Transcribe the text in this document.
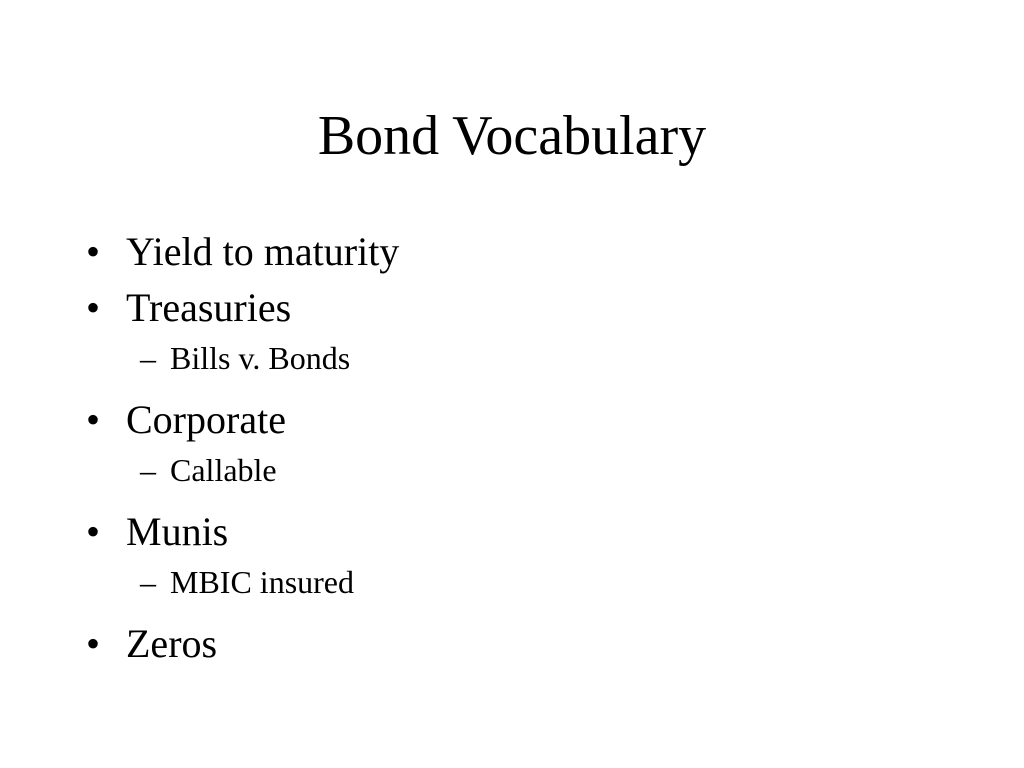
Bond Vocabulary
• Yield to maturity
• Treasuries
– Bills v. Bonds
• Corporate
– Callable
• Munis
– MBIC insured
• Zeros
